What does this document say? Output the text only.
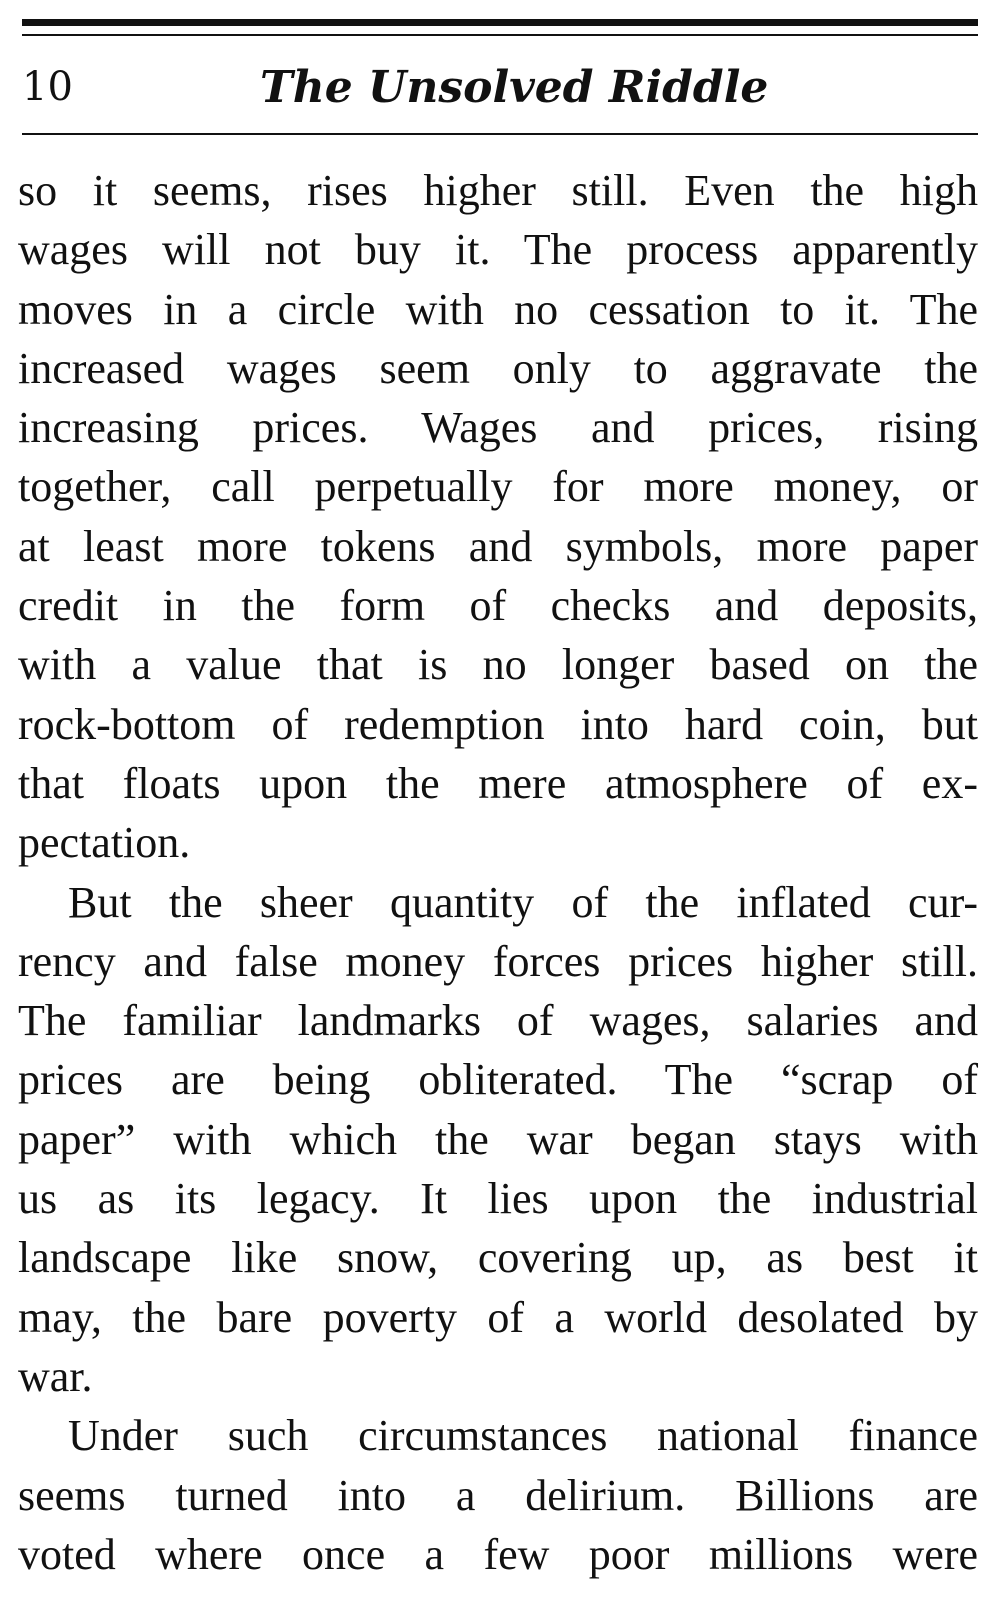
10	The Unsolved Riddle
so it seems, rises higher still. Even the high
wages will not buy it. The process apparently
moves in a circle with no cessation to it. The
increased wages seem only to aggravate the
increasing prices. Wages and prices, rising
together, call perpetually for more money, or
at least more tokens and symbols, more paper
credit in the form of checks and deposits,
with a value that is no longer based on the
rock-bottom of redemption into hard coin, but
that floats upon the mere atmosphere of ex-
pectation.
But the sheer quantity of the inflated cur-
rency and false money forces prices higher still.
The familiar landmarks of wages, salaries and
prices are being obliterated. The “scrap of
paper” with which the war began stays with
us as its legacy. It lies upon the industrial
landscape like snow, covering up, as best it
may, the bare poverty of a world desolated by
war.
Under such circumstances national finance
seems turned into a delirium. Billions are
voted where once a few poor millions were
